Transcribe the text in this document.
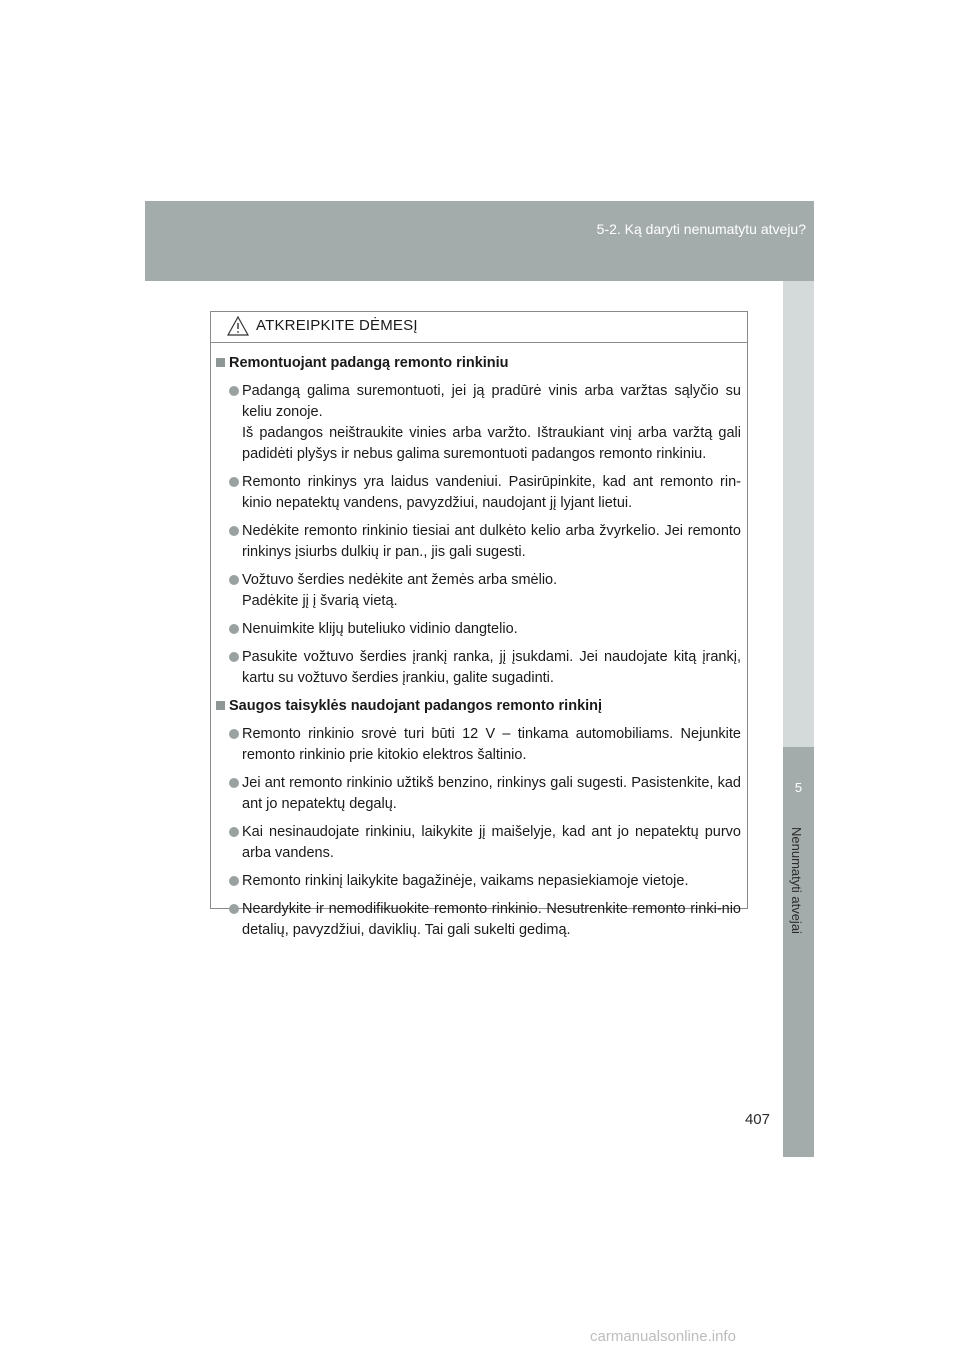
5-2. Ką daryti nenumatytu atveju?
5
Nenumatyti atvejai
ATKREIPKITE DĖMESĮ
Remontuojant padangą remonto rinkiniu
Padangą galima suremontuoti, jei ją pradūrė vinis arba varžtas sąlyčio su keliu zonoje.
Iš padangos neištraukite vinies arba varžto. Ištraukiant vinį arba varžtą gali padidėti plyšys ir nebus galima suremontuoti padangos remonto rinkiniu.
Remonto rinkinys yra laidus vandeniui. Pasirūpinkite, kad ant remonto rin-kinio nepatektų vandens, pavyzdžiui, naudojant jį lyjant lietui.
Nedėkite remonto rinkinio tiesiai ant dulkėto kelio arba žvyrkelio. Jei remonto rinkinys įsiurbs dulkių ir pan., jis gali sugesti.
Vožtuvo šerdies nedėkite ant žemės arba smėlio.
Padėkite jį į švarią vietą.
Nenuimkite klijų buteliuko vidinio dangtelio.
Pasukite vožtuvo šerdies įrankį ranka, jį įsukdami. Jei naudojate kitą įrankį, kartu su vožtuvo šerdies įrankiu, galite sugadinti.
Saugos taisyklės naudojant padangos remonto rinkinį
Remonto rinkinio srovė turi būti 12 V – tinkama automobiliams. Nejunkite remonto rinkinio prie kitokio elektros šaltinio.
Jei ant remonto rinkinio užtikš benzino, rinkinys gali sugesti. Pasistenkite, kad ant jo nepatektų degalų.
Kai nesinaudojate rinkiniu, laikykite jį maišelyje, kad ant jo nepatektų purvo arba vandens.
Remonto rinkinį laikykite bagažinėje, vaikams nepasiekiamoje vietoje.
Neardykite ir nemodifikuokite remonto rinkinio. Nesutrenkite remonto rinki-nio detalių, pavyzdžiui, daviklių. Tai gali sukelti gedimą.
407
carmanualsonline.info
